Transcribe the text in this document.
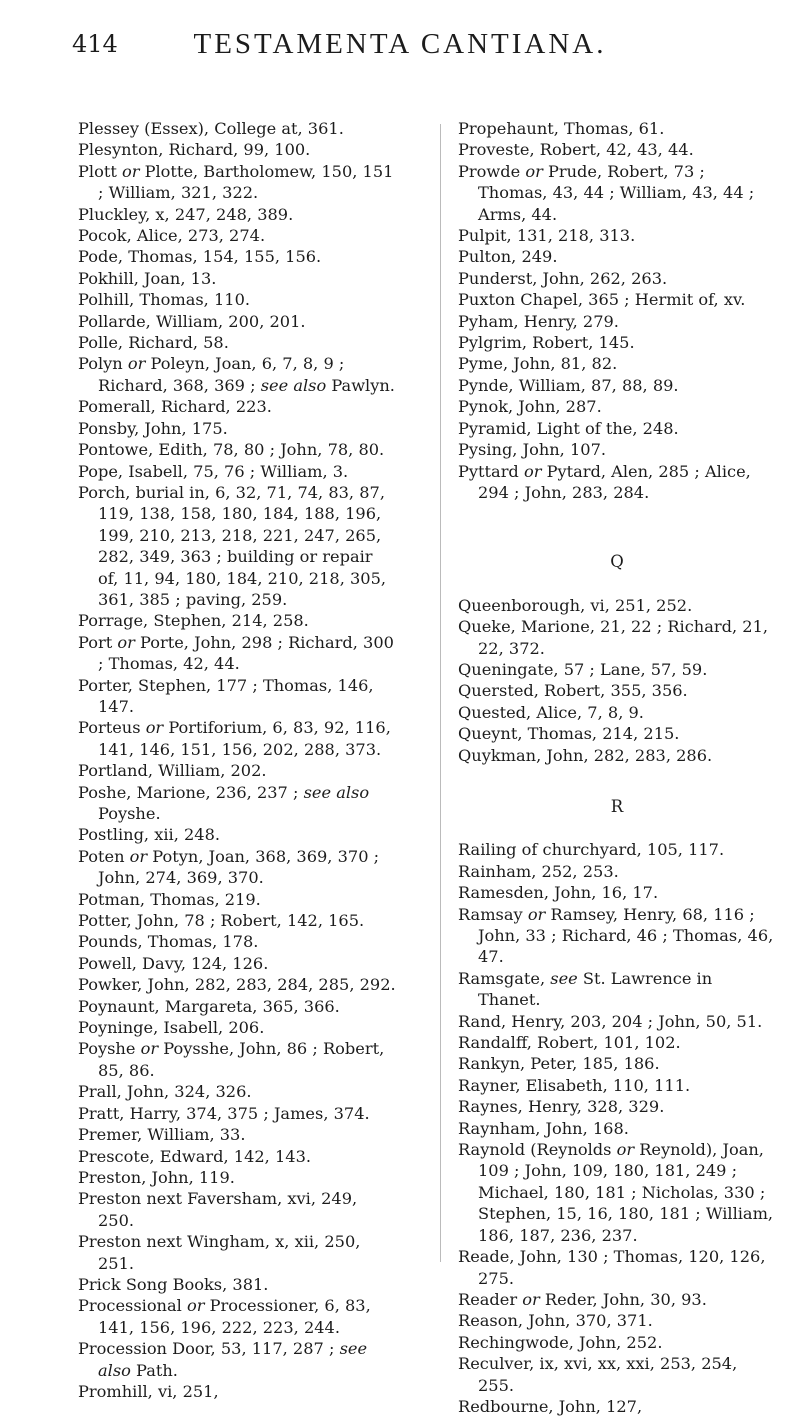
414	TESTAMENTA CANTIANA.

Plessey (Essex), College at, 361.

Plesynton, Richard, 99, 100.

Plott or Plotte, Bartholomew, 150, 151 ; William, 321, 322.

Pluckley, x, 247, 248, 389.

Pocok, Alice, 273, 274.

Pode, Thomas, 154, 155, 156.

Pokhill, Joan, 13.

Polhill, Thomas, 110.

Pollarde, William, 200, 201.

Polle, Richard, 58.

Polyn or Poleyn, Joan, 6, 7, 8, 9 ; Richard, 368, 369 ; see also Pawlyn.

Pomerall, Richard, 223.

Ponsby, John, 175.

Pontowe, Edith, 78, 80 ; John, 78, 80.

Pope, Isabell, 75, 76 ; William, 3.

Porch, burial in, 6, 32, 71, 74, 83, 87, 119, 138, 158, 180, 184, 188, 196, 199, 210, 213, 218, 221, 247, 265, 282, 349, 363 ; building or repair of, 11, 94, 180, 184, 210, 218, 305, 361, 385 ; paving, 259.

Porrage, Stephen, 214, 258.

Port or Porte, John, 298 ; Richard, 300 ; Thomas, 42, 44.

Porter, Stephen, 177 ; Thomas, 146, 147.

Porteus or Portiforium, 6, 83, 92, 116, 141, 146, 151, 156, 202, 288, 373.

Portland, William, 202.

Poshe, Marione, 236, 237 ; see also Poyshe.

Postling, xii, 248.

Poten or Potyn, Joan, 368, 369, 370 ; John, 274, 369, 370.

Potman, Thomas, 219.

Potter, John, 78 ; Robert, 142, 165.

Pounds, Thomas, 178.

Powell, Davy, 124, 126.

Powker, John, 282, 283, 284, 285, 292.

Poynaunt, Margareta, 365, 366.

Poyninge, Isabell, 206.

Poyshe or Poysshe, John, 86 ; Robert, 85, 86.

Prall, John, 324, 326.

Pratt, Harry, 374, 375 ; James, 374.

Premer, William, 33.

Prescote, Edward, 142, 143.

Preston, John, 119.

Preston next Faversham, xvi, 249, 250.

Preston next Wingham, x, xii, 250, 251.

Prick Song Books, 381.

Processional or Processioner, 6, 83, 141, 156, 196, 222, 223, 244.

Procession Door, 53, 117, 287 ; see also Path.

Promhill, vi, 251,

Propehaunt, Thomas, 61.

Proveste, Robert, 42, 43, 44.

Prowde or Prude, Robert, 73 ; Thomas, 43, 44 ; William, 43, 44 ; Arms, 44.

Pulpit, 131, 218, 313.

Pulton, 249.

Punderst, John, 262, 263.

Puxton Chapel, 365 ; Hermit of, xv.

Pyham, Henry, 279.

Pylgrim, Robert, 145.

Pyme, John, 81, 82.

Pynde, William, 87, 88, 89.

Pynok, John, 287.

Pyramid, Light of the, 248.

Pysing, John, 107.

Pyttard or Pytard, Alen, 285 ; Alice, 294 ; John, 283, 284.

Q

Queenborough, vi, 251, 252.

Queke, Marione, 21, 22 ; Richard, 21, 22, 372.

Queningate, 57 ; Lane, 57, 59.

Quersted, Robert, 355, 356.

Quested, Alice, 7, 8, 9.

Queynt, Thomas, 214, 215.

Quykman, John, 282, 283, 286.

R

Railing of churchyard, 105, 117.

Rainham, 252, 253.

Ramesden, John, 16, 17.

Ramsay or Ramsey, Henry, 68, 116 ; John, 33 ; Richard, 46 ; Thomas, 46, 47.

Ramsgate, see St. Lawrence in Thanet.

Rand, Henry, 203, 204 ; John, 50, 51.

Randalff, Robert, 101, 102.

Rankyn, Peter, 185, 186.

Rayner, Elisabeth, 110, 111.

Raynes, Henry, 328, 329.

Raynham, John, 168.

Raynold (Reynolds or Reynold), Joan, 109 ; John, 109, 180, 181, 249 ; Michael, 180, 181 ; Nicholas, 330 ; Stephen, 15, 16, 180, 181 ; William, 186, 187, 236, 237.

Reade, John, 130 ; Thomas, 120, 126, 275.

Reader or Reder, John, 30, 93.

Reason, John, 370, 371.

Rechingwode, John, 252.

Reculver, ix, xvi, xx, xxi, 253, 254, 255.

Redbourne, John, 127,
